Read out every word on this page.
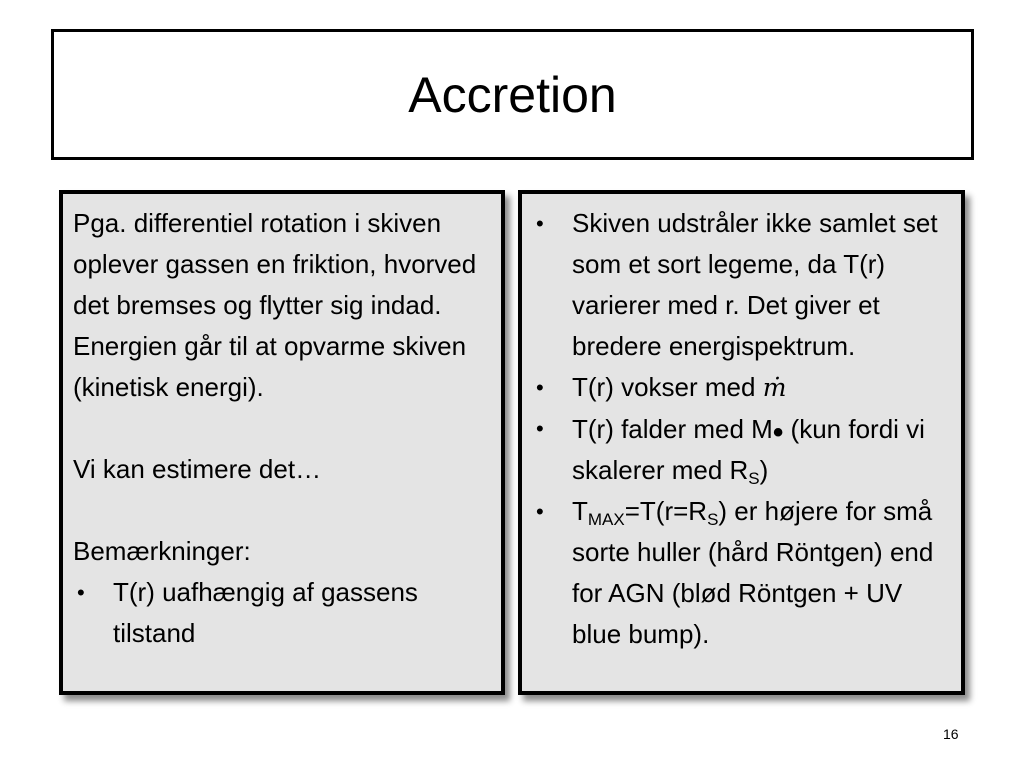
Accretion
Pga. differentiel rotation i skiven oplever gassen en friktion, hvorved det bremses og flytter sig indad. Energien går til at opvarme skiven (kinetisk energi).
Vi kan estimere det…
Bemærkninger:
• T(r) uafhængig af gassens tilstand
• Skiven udstråler ikke samlet set som et sort legeme, da T(r) varierer med r. Det giver et bredere energispektrum.
• T(r) vokser med ṁ
• T(r) falder med M• (kun fordi vi skalerer med $R_S$)
• $T_{MAX}=T(r=R_S)$ er højere for små sorte huller (hård Röntgen) end for AGN (blød Röntgen + UV blue bump).
16
